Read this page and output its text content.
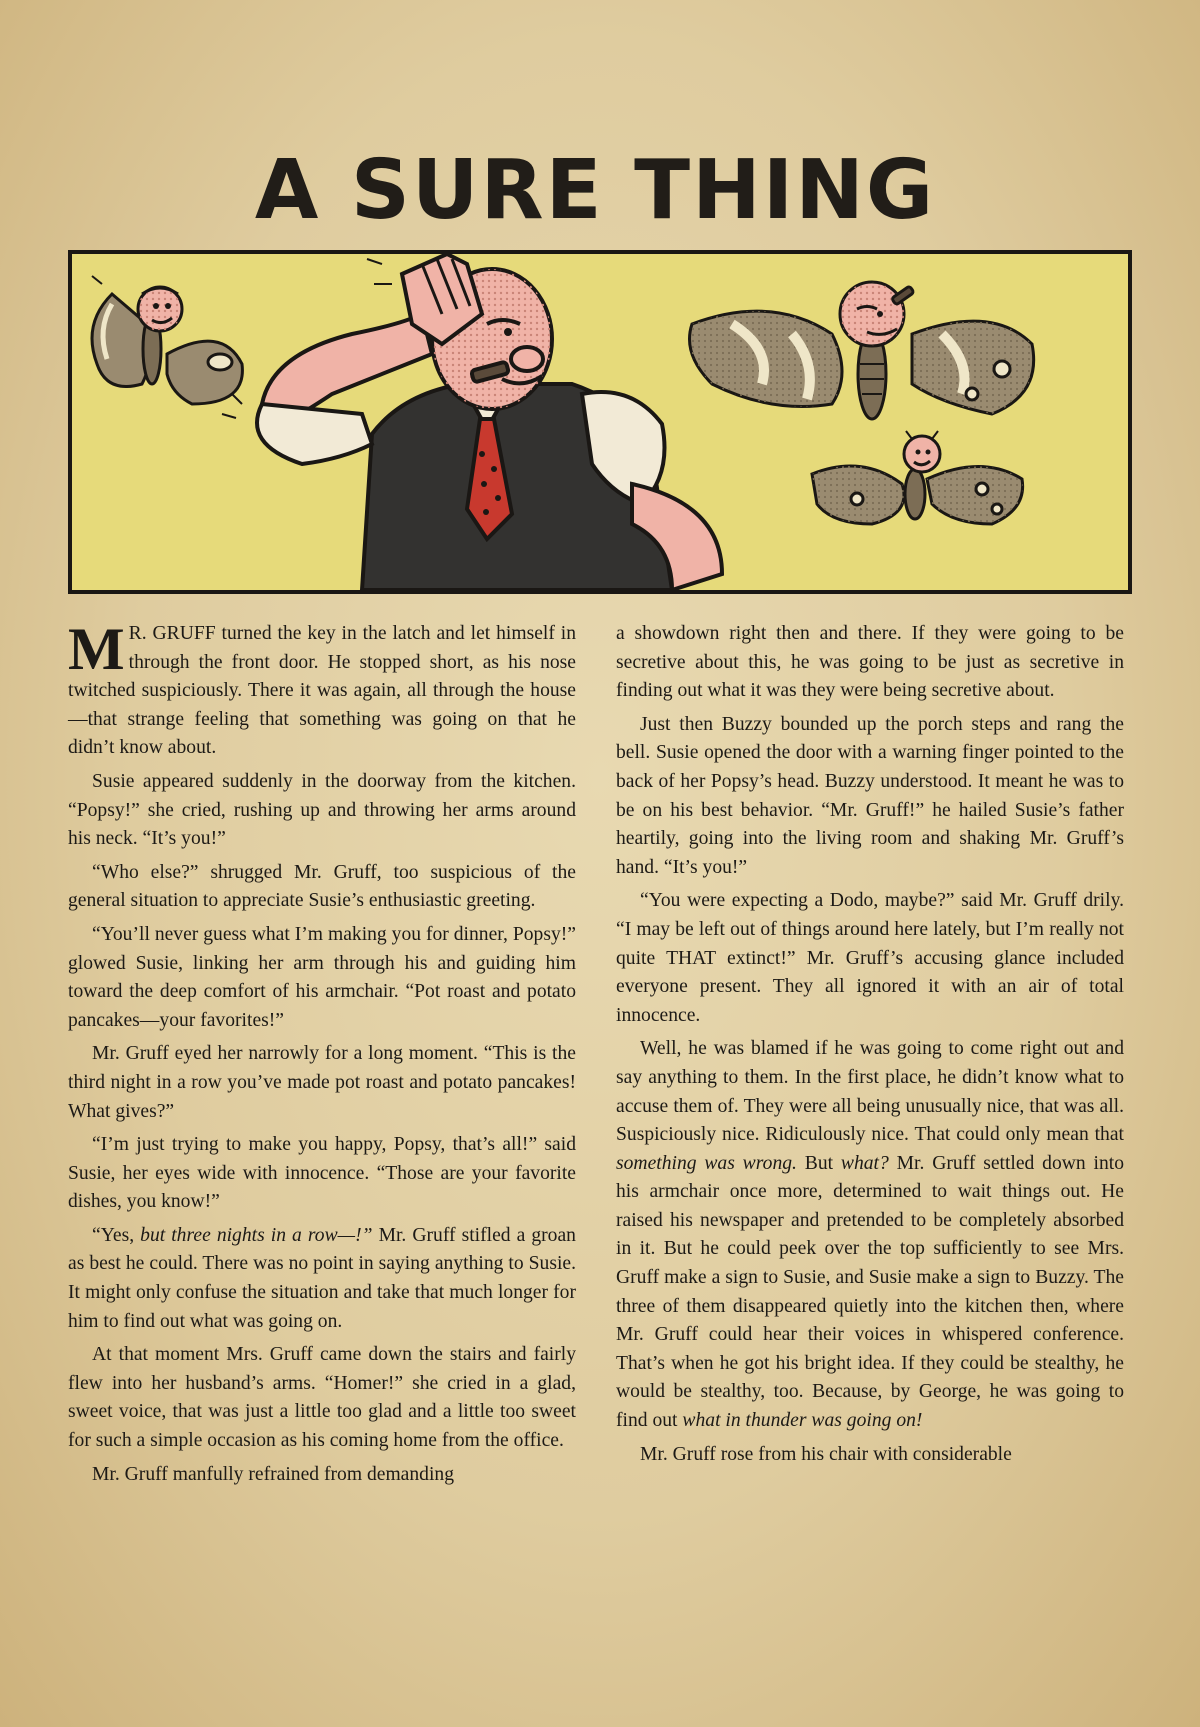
A SURE THING

M R. GRUFF turned the key in the latch and let himself in through the front door. He stopped short, as his nose twitched suspiciously. There it was again, all through the house—that strange feeling that something was going on that he didn’t know about.

Susie appeared suddenly in the doorway from the kitchen. “Popsy!” she cried, rushing up and throwing her arms around his neck. “It’s you!”

“Who else?” shrugged Mr. Gruff, too suspicious of the general situation to appreciate Susie’s enthusiastic greeting.

“You’ll never guess what I’m making you for dinner, Popsy!” glowed Susie, linking her arm through his and guiding him toward the deep comfort of his armchair. “Pot roast and potato pancakes—your favorites!”

Mr. Gruff eyed her narrowly for a long moment. “This is the third night in a row you’ve made pot roast and potato pancakes! What gives?”

“I’m just trying to make you happy, Popsy, that’s all!” said Susie, her eyes wide with innocence. “Those are your favorite dishes, you know!”

“Yes, but three nights in a row—!” Mr. Gruff stifled a groan as best he could. There was no point in saying anything to Susie. It might only confuse the situation and take that much longer for him to find out what was going on.

At that moment Mrs. Gruff came down the stairs and fairly flew into her husband’s arms. “Homer!” she cried in a glad, sweet voice, that was just a little too glad and a little too sweet for such a simple occasion as his coming home from the office.

Mr. Gruff manfully refrained from demanding

a showdown right then and there. If they were going to be secretive about this, he was going to be just as secretive in finding out what it was they were being secretive about.

Just then Buzzy bounded up the porch steps and rang the bell. Susie opened the door with a warning finger pointed to the back of her Popsy’s head. Buzzy understood. It meant he was to be on his best behavior. “Mr. Gruff!” he hailed Susie’s father heartily, going into the living room and shaking Mr. Gruff’s hand. “It’s you!”

“You were expecting a Dodo, maybe?” said Mr. Gruff drily. “I may be left out of things around here lately, but I’m really not quite THAT extinct!” Mr. Gruff’s accusing glance included everyone present. They all ignored it with an air of total innocence.

Well, he was blamed if he was going to come right out and say anything to them. In the first place, he didn’t know what to accuse them of. They were all being unusually nice, that was all. Suspiciously nice. Ridiculously nice. That could only mean that something was wrong. But what? Mr. Gruff settled down into his armchair once more, determined to wait things out. He raised his newspaper and pretended to be completely absorbed in it. But he could peek over the top sufficiently to see Mrs. Gruff make a sign to Susie, and Susie make a sign to Buzzy. The three of them disappeared quietly into the kitchen then, where Mr. Gruff could hear their voices in whispered conference. That’s when he got his bright idea. If they could be stealthy, he would be stealthy, too. Because, by George, he was going to find out what in thunder was going on!

Mr. Gruff rose from his chair with considerable
